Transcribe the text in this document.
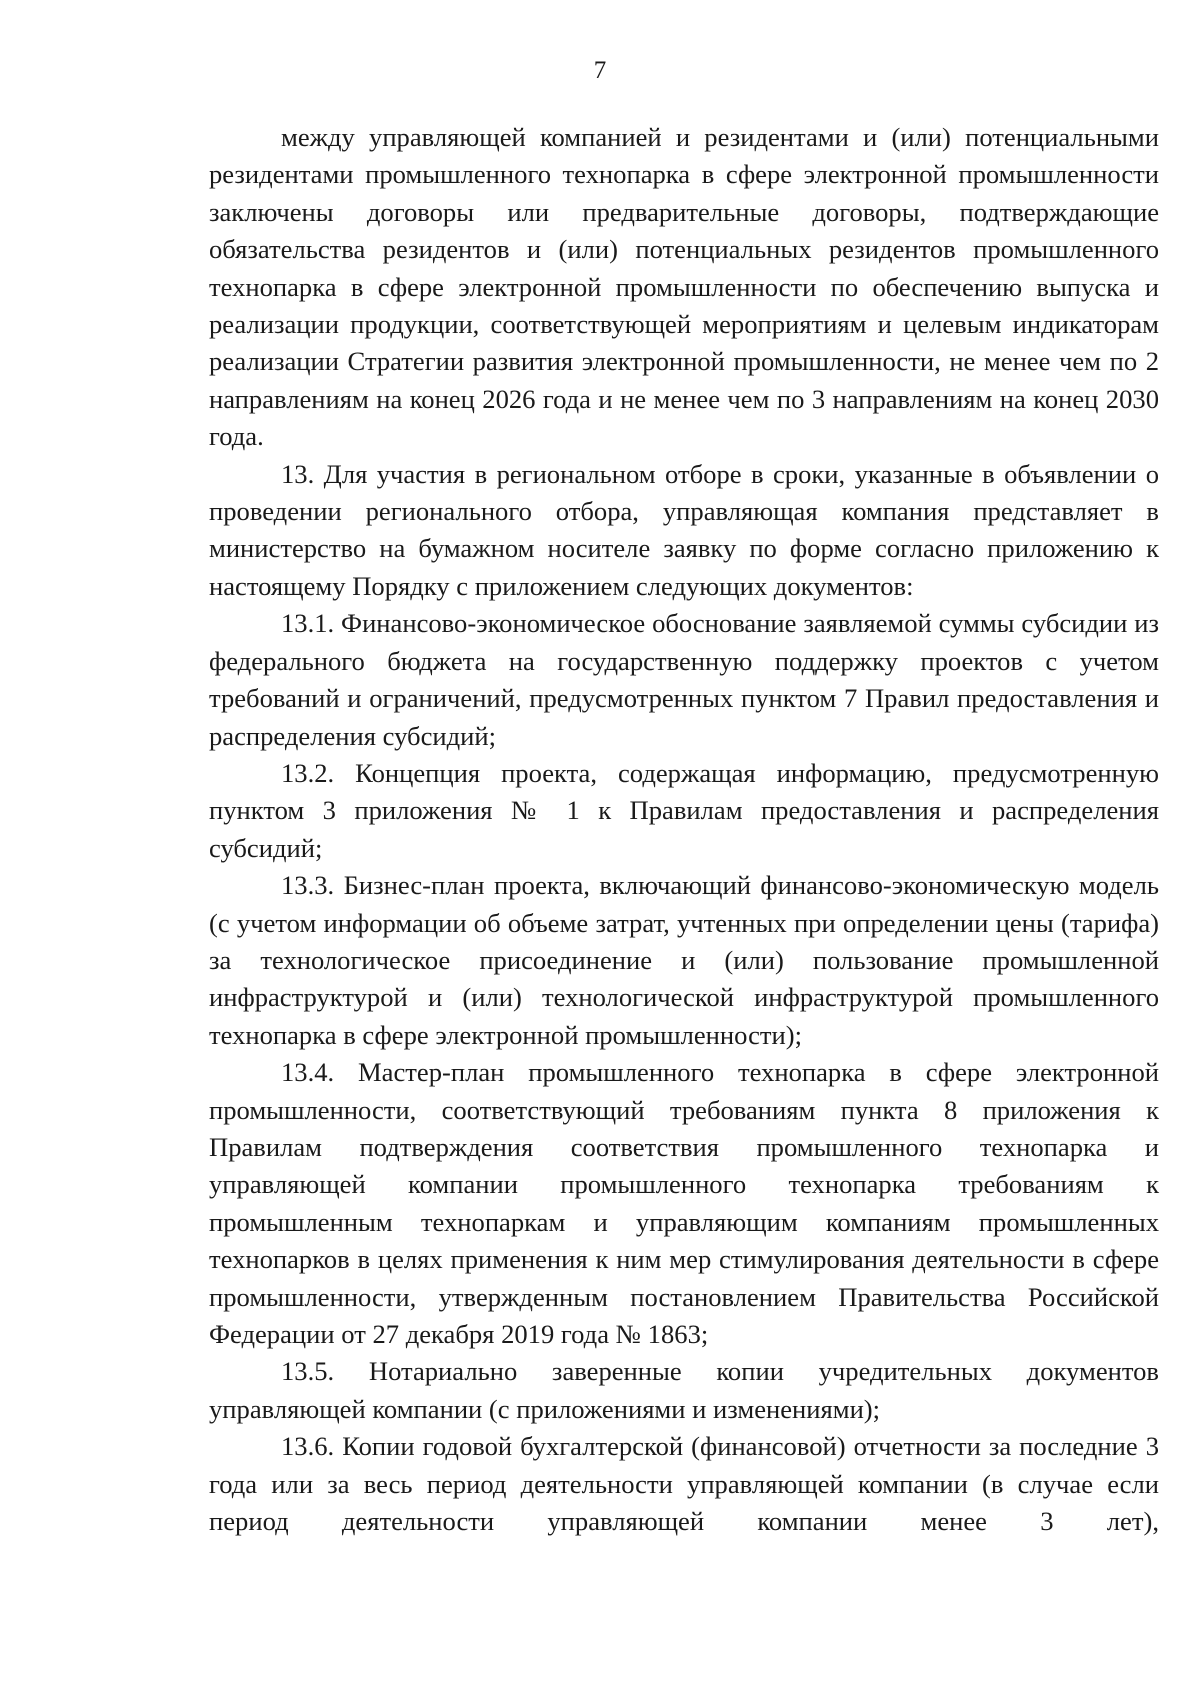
7

между управляющей компанией и резидентами и (или) потенциальными резидентами промышленного технопарка в сфере электронной промышленности заключены договоры или предварительные договоры, подтверждающие обязательства резидентов и (или) потенциальных резидентов промышленного технопарка в сфере электронной промышленности по обеспечению выпуска и реализации продукции, соответствующей мероприятиям и целевым индикаторам реализации Стратегии развития электронной промышленности, не менее чем по 2 направлениям на конец 2026 года и не менее чем по 3 направлениям на конец 2030 года.

13. Для участия в региональном отборе в сроки, указанные в объявлении о проведении регионального отбора, управляющая компания представляет в министерство на бумажном носителе заявку по форме согласно приложению к настоящему Порядку с приложением следующих документов:

13.1. Финансово-экономическое обоснование заявляемой суммы субсидии из федерального бюджета на государственную поддержку проектов с учетом требований и ограничений, предусмотренных пунктом 7 Правил предоставления и распределения субсидий;

13.2. Концепция проекта, содержащая информацию, предусмотренную пунктом 3 приложения № 1 к Правилам предоставления и распределения субсидий;

13.3. Бизнес-план проекта, включающий финансово-экономическую модель (с учетом информации об объеме затрат, учтенных при определении цены (тарифа) за технологическое присоединение и (или) пользование промышленной инфраструктурой и (или) технологической инфраструктурой промышленного технопарка в сфере электронной промышленности);

13.4. Мастер-план промышленного технопарка в сфере электронной промышленности, соответствующий требованиям пункта 8 приложения к Правилам подтверждения соответствия промышленного технопарка и управляющей компании промышленного технопарка требованиям к промышленным технопаркам и управляющим компаниям промышленных технопарков в целях применения к ним мер стимулирования деятельности в сфере промышленности, утвержденным постановлением Правительства Российской Федерации от 27 декабря 2019 года № 1863;

13.5. Нотариально заверенные копии учредительных документов управляющей компании (с приложениями и изменениями);

13.6. Копии годовой бухгалтерской (финансовой) отчетности за последние 3 года или за весь период деятельности управляющей компании (в случае если период деятельности управляющей компании менее 3 лет),
